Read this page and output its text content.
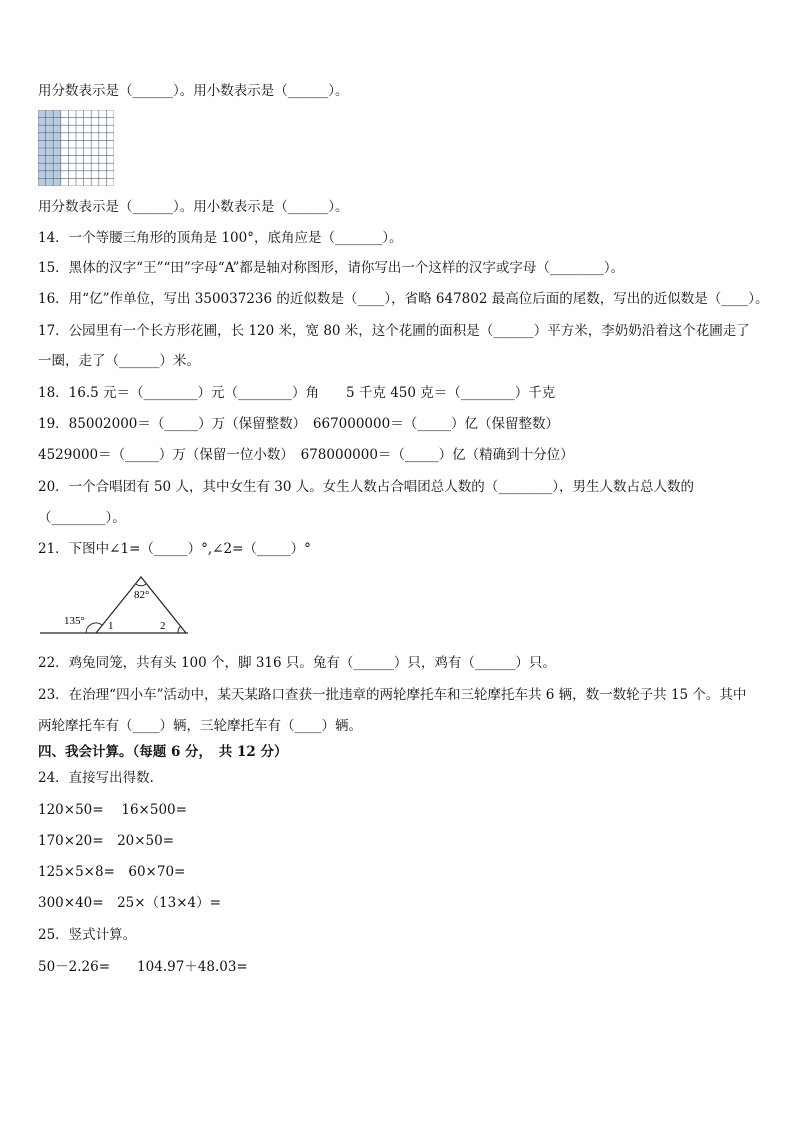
用分数表示是（______）。用小数表示是（______）。
用分数表示是（______）。用小数表示是（______）。
14．一个等腰三角形的顶角是 100°，底角应是（_______）。
15．黑体的汉字“王”“田”字母“A”都是轴对称图形，请你写出一个这样的汉字或字母（________）。
16．用“亿”作单位，写出 350037236 的近似数是（____），省略 647802 最高位后面的尾数，写出的近似数是（____）。
17．公园里有一个长方形花圃，长 120 米，宽 80 米，这个花圃的面积是（______）平方米，李奶奶沿着这个花圃走了
一圈，走了（______）米。
18．16.5 元＝（________）元（________）角　　5 千克 450 克＝（________）千克
19．85002000＝（_____）万（保留整数）　667000000＝（_____）亿（保留整数）
4529000＝（_____）万（保留一位小数）　678000000＝（_____）亿（精确到十分位）
20．一个合唱团有 50 人，其中女生有 30 人。女生人数占合唱团总人数的（________），男生人数占总人数的
（________）。
21．下图中∠1=（_____）°,∠2=（_____）°
135°
82°
1	2
22．鸡兔同笼，共有头 100 个，脚 316 只。兔有（______）只，鸡有（______）只。
23．在治理“四小车”活动中，某天某路口查获一批违章的两轮摩托车和三轮摩托车共 6 辆，数一数轮子共 15 个。其中
两轮摩托车有（____）辆，三轮摩托车有（____）辆。
四、我会计算。（每题 6 分，　共 12 分）
24．直接写出得数．
120×50=　 16×500=
170×20=　20×50=
125×5×8=　60×70=
300×40=　25×（13×4）=
25．竖式计算。
50－2.26=　　104.97＋48.03=
